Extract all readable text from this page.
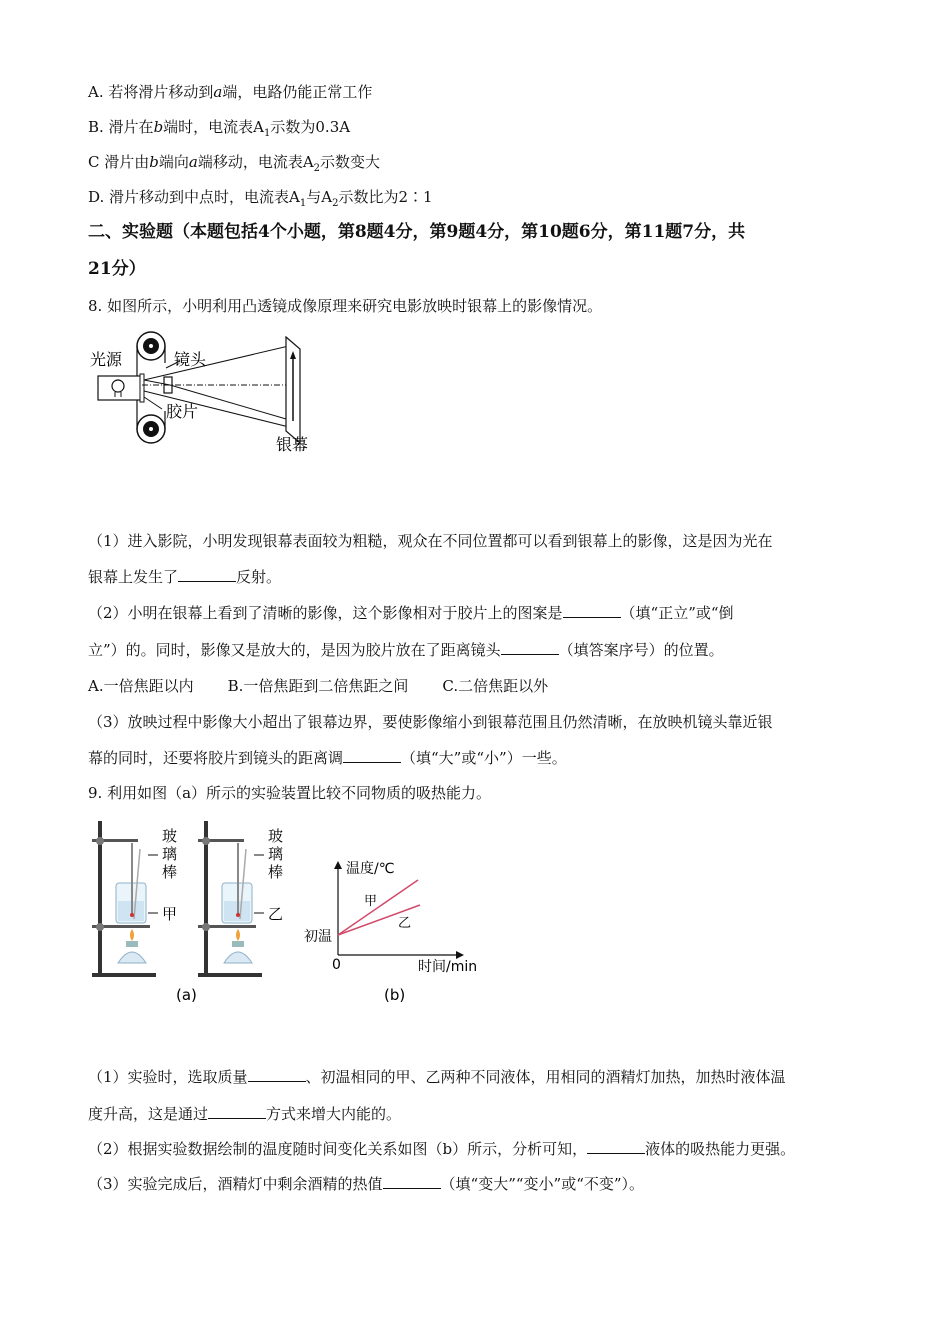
A. 若将滑片移动到a端，电路仍能正常工作
B. 滑片在b端时，电流表$A_1$示数为0.3A
C 滑片由b端向a端移动，电流表$A_2$示数变大
D. 滑片移动到中点时，电流表$A_1$与$A_2$示数比为2∶1
二、实验题（本题包括4个小题，第8题4分，第9题4分，第10题6分，第11题7分，共
21分）
8. 如图所示，小明利用凸透镜成像原理来研究电影放映时银幕上的影像情况。
光源	镜头
胶片
银幕
（1）进入影院，小明发现银幕表面较为粗糙，观众在不同位置都可以看到银幕上的影像，这是因为光在
银幕上发生了	反射。
（2）小明在银幕上看到了清晰的影像，这个影像相对于胶片上的图案是	（填“正立”或“倒
立”）的。同时，影像又是放大的，是因为胶片放在了距离镜头	（填答案序号）的位置。
A.一倍焦距以内 B.一倍焦距到二倍焦距之间 C.二倍焦距以外
（3）放映过程中影像大小超出了银幕边界，要使影像缩小到银幕范围且仍然清晰，在放映机镜头靠近银
幕的同时，还要将胶片到镜头的距离调	（填“大”或“小”）一些。
9. 利用如图（a）所示的实验装置比较不同物质的吸热能力。
玻
璃
棒
甲
玻
璃
棒
乙
(a)
温度/℃
时间/min
0
初温
甲
乙
(b)
（1）实验时，选取质量	、初温相同的甲、乙两种不同液体，用相同的酒精灯加热，加热时液体温
度升高，这是通过	方式来增大内能的。
（2）根据实验数据绘制的温度随时间变化关系如图（b）所示，分析可知，	液体的吸热能力更强。
（3）实验完成后，酒精灯中剩余酒精的热值	（填“变大”“变小”或“不变”）。
